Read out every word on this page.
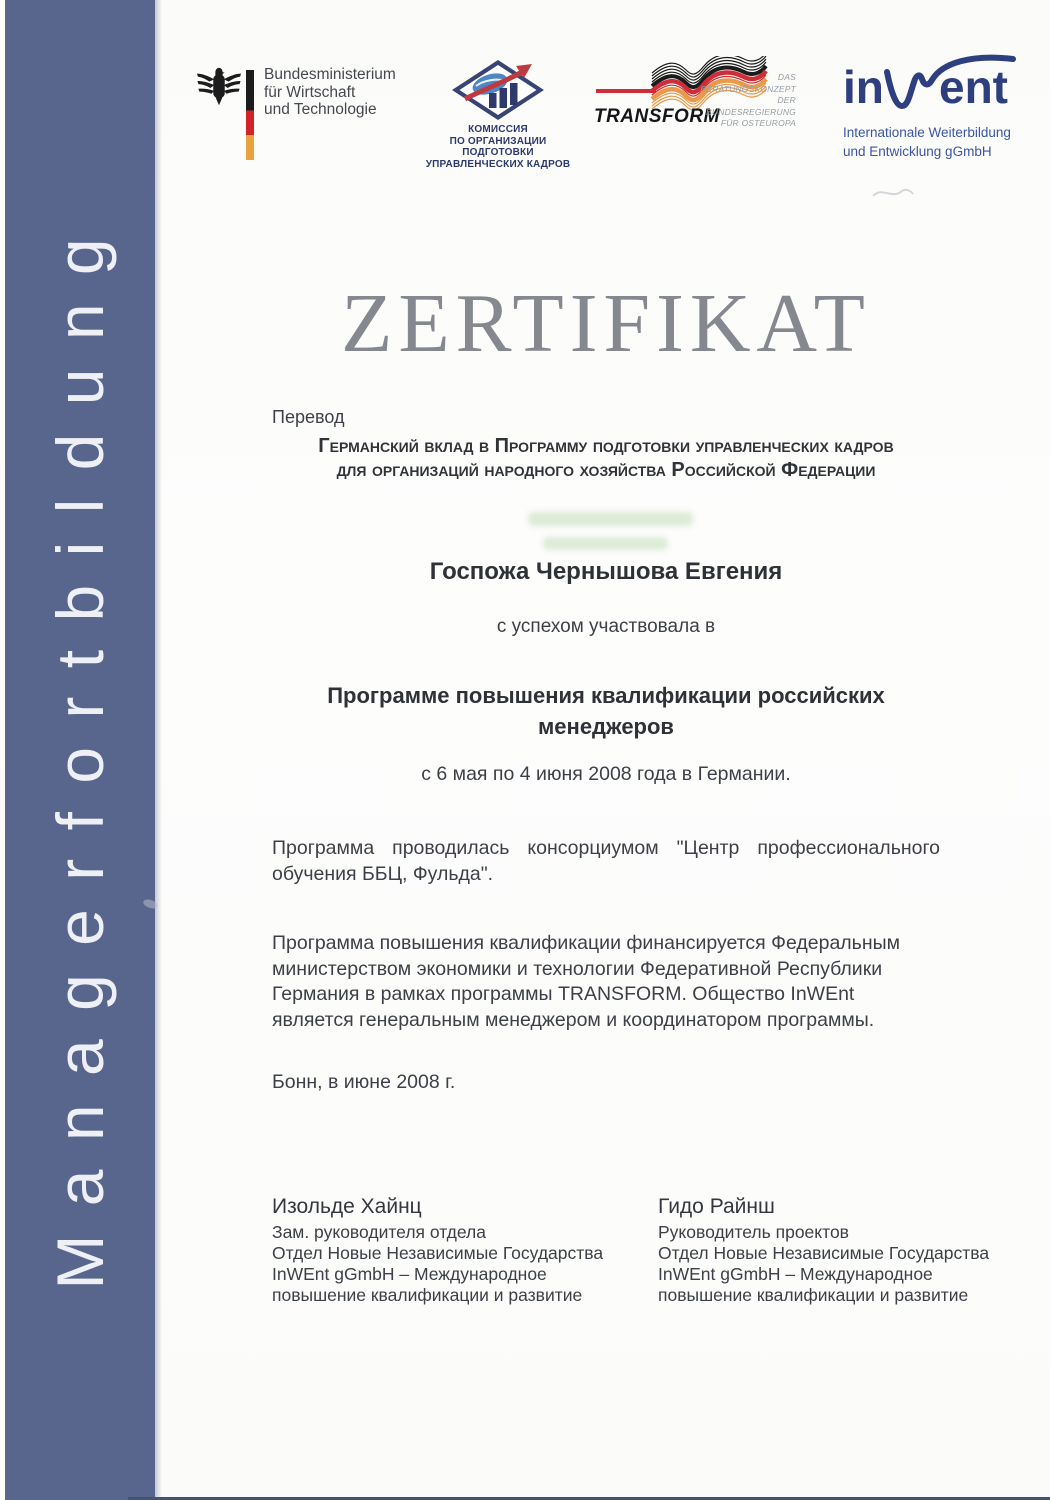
Managerfortbildung
Bundesministerium
für Wirtschaft
und Technologie
КОМИССИЯ
ПО ОРГАНИЗАЦИИ
ПОДГОТОВКИ
УПРАВЛЕНЧЕСКИХ КАДРОВ
TRANSFORM
DAS BERATUNGSKONZEPT
DER BUNDESREGIERUNG
FÜR OSTEUROPA
in ent
Internationale Weiterbildung
und Entwicklung gGmbH
ZERTIFIKAT
Перевод
Германский вклад в Программу подготовки управленческих кадров
для организаций народного хозяйства Российской Федерации
Госпожа Чернышова Евгения
с успехом участвовала в
Программе повышения квалификации российских
менеджеров
с 6 мая по 4 июня 2008 года в Германии.
Программа проводилась консорциумом "Центр профессионального
обучения ББЦ, Фульда".
Программа повышения квалификации финансируется Федеральным
министерством экономики и технологии Федеративной Республики
Германия в рамках программы TRANSFORM. Общество InWEnt
является генеральным менеджером и координатором программы.
Бонн, в июне 2008 г.
Изольде Хайнц
Зам. руководителя отдела
Отдел Новые Независимые Государства
InWEnt gGmbH – Международное
повышение квалификации и развитие
Гидо Райнш
Руководитель проектов
Отдел Новые Независимые Государства
InWEnt gGmbH – Международное
повышение квалификации и развитие
